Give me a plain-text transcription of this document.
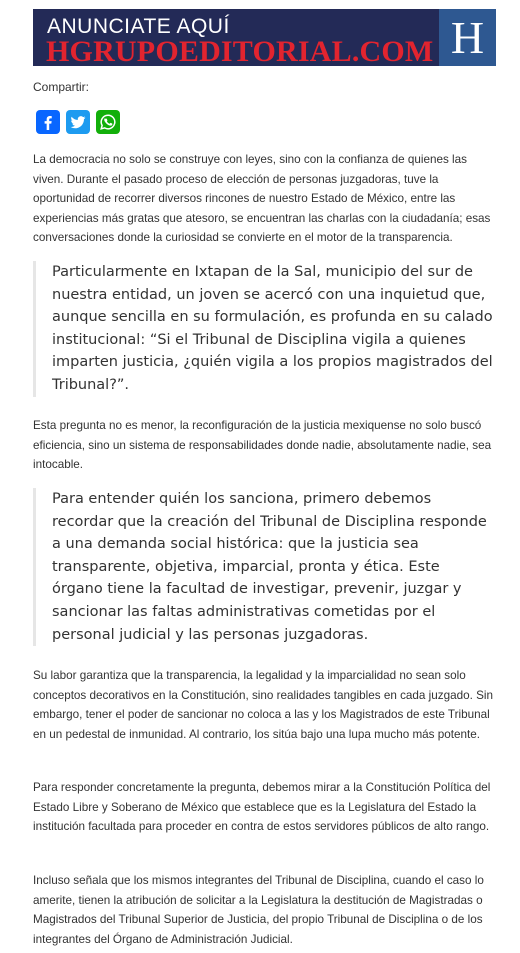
ANUNCIATE AQUÍ
HGRUPOEDITORIAL.COM H
Compartir:

La democracia no solo se construye con leyes, sino con la confianza de quienes las viven. Durante el pasado proceso de elección de personas juzgadoras, tuve la oportunidad de recorrer diversos rincones de nuestro Estado de México, entre las experiencias más gratas que atesoro, se encuentran las charlas con la ciudadanía; esas conversaciones donde la curiosidad se convierte en el motor de la transparencia.

Particularmente en Ixtapan de la Sal, municipio del sur de nuestra entidad, un joven se acercó con una inquietud que, aunque sencilla en su formulación, es profunda en su calado institucional: “Si el Tribunal de Disciplina vigila a quienes imparten justicia, ¿quién vigila a los propios magistrados del Tribunal?”.

Esta pregunta no es menor, la reconfiguración de la justicia mexiquense no solo buscó eficiencia, sino un sistema de responsabilidades donde nadie, absolutamente nadie, sea intocable.

Para entender quién los sanciona, primero debemos recordar que la creación del Tribunal de Disciplina responde a una demanda social histórica: que la justicia sea transparente, objetiva, imparcial, pronta y ética. Este órgano tiene la facultad de investigar, prevenir, juzgar y sancionar las faltas administrativas cometidas por el personal judicial y las personas juzgadoras.

Su labor garantiza que la transparencia, la legalidad y la imparcialidad no sean solo conceptos decorativos en la Constitución, sino realidades tangibles en cada juzgado. Sin embargo, tener el poder de sancionar no coloca a las y los Magistrados de este Tribunal en un pedestal de inmunidad. Al contrario, los sitúa bajo una lupa mucho más potente.

Para responder concretamente la pregunta, debemos mirar a la Constitución Política del Estado Libre y Soberano de México que establece que es la Legislatura del Estado la institución facultada para proceder en contra de estos servidores públicos de alto rango.

Incluso señala que los mismos integrantes del Tribunal de Disciplina, cuando el caso lo amerite, tienen la atribución de solicitar a la Legislatura la destitución de Magistradas o Magistrados del Tribunal Superior de Justicia, del propio Tribunal de Disciplina o de los integrantes del Órgano de Administración Judicial.
